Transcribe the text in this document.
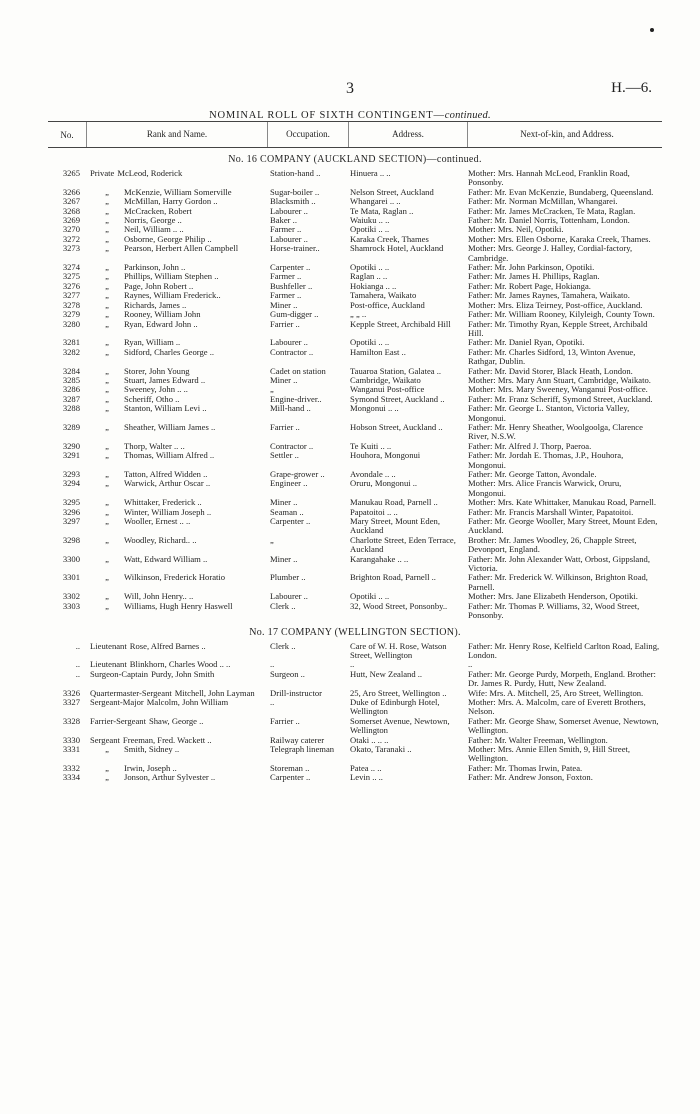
3	H.—6.
NOMINAL ROLL OF SIXTH CONTINGENT—continued.
No.	Rank and Name.	Occupation.	Address.	Next-of-kin, and Address.
No. 16 COMPANY (AUCKLAND SECTION)—continued.
3265	Private McLeod, Roderick	Station-hand ..	Hinuera .. ..	Mother: Mrs. Hannah McLeod, Franklin Road, Ponsonby.
3266	„	McKenzie, William Somerville	Sugar-boiler ..	Nelson Street, Auckland	Father: Mr. Evan McKenzie, Bundaberg, Queensland.
3267	„	McMillan, Harry Gordon ..	Blacksmith ..	Whangarei .. ..	Father: Mr. Norman McMillan, Whangarei.
3268	„	McCracken, Robert	Labourer ..	Te Mata, Raglan ..	Father: Mr. James McCracken, Te Mata, Raglan.
3269	„	Norris, George ..	Baker ..	Waiuku .. ..	Father: Mr. Daniel Norris, Tottenham, London.
3270	„	Neil, William .. ..	Farmer ..	Opotiki .. ..	Mother: Mrs. Neil, Opotiki.
3272	„	Osborne, George Philip ..	Labourer ..	Karaka Creek, Thames	Mother: Mrs. Ellen Osborne, Karaka Creek, Thames.
3273	„	Pearson, Herbert Allen Campbell	Horse-trainer..	Shamrock Hotel, Auckland	Mother: Mrs. George J. Halley, Cordial-factory, Cambridge.
3274	„	Parkinson, John ..	Carpenter ..	Opotiki .. ..	Father: Mr. John Parkinson, Opotiki.
3275	„	Phillips, William Stephen ..	Farmer ..	Raglan .. ..	Father: Mr. James H. Phillips, Raglan.
3276	„	Page, John Robert ..	Bushfeller ..	Hokianga .. ..	Father: Mr. Robert Page, Hokianga.
3277	„	Raynes, William Frederick..	Farmer ..	Tamahera, Waikato	Father: Mr. James Raynes, Tamahera, Waikato.
3278	„	Richards, James ..	Miner ..	Post-office, Auckland	Mother: Mrs. Eliza Teirney, Post-office, Auckland.
3279	„	Rooney, William John	Gum-digger ..	„ „ ..	Father: Mr. William Rooney, Kilyleigh, County Town.
3280	„	Ryan, Edward John ..	Farrier ..	Kepple Street, Archibald Hill	Father: Mr. Timothy Ryan, Kepple Street, Archibald Hill.
3281	„	Ryan, William ..	Labourer ..	Opotiki .. ..	Father: Mr. Daniel Ryan, Opotiki.
3282	„	Sidford, Charles George ..	Contractor ..	Hamilton East ..	Father: Mr. Charles Sidford, 13, Winton Avenue, Rathgar, Dublin.
3284	„	Storer, John Young	Cadet on station	Tauaroa Station, Galatea ..	Father: Mr. David Storer, Black Heath, London.
3285	„	Stuart, James Edward ..	Miner ..	Cambridge, Waikato	Mother: Mrs. Mary Ann Stuart, Cambridge, Waikato.
3286	„	Sweeney, John .. ..	„	Wanganui Post-office	Mother: Mrs. Mary Sweeney, Wanganui Post-office.
3287	„	Scheriff, Otho ..	Engine-driver..	Symond Street, Auckland ..	Father: Mr. Franz Scheriff, Symond Street, Auckland.
3288	„	Stanton, William Levi ..	Mill-hand ..	Mongonui .. ..	Father: Mr. George L. Stanton, Victoria Valley, Mongonui.
3289	„	Sheather, William James ..	Farrier ..	Hobson Street, Auckland ..	Father: Mr. Henry Sheather, Woolgoolga, Clarence River, N.S.W.
3290	„	Thorp, Walter .. ..	Contractor ..	Te Kuiti .. ..	Father: Mr. Alfred J. Thorp, Paeroa.
3291	„	Thomas, William Alfred ..	Settler ..	Houhora, Mongonui	Father: Mr. Jordah E. Thomas, J.P., Houhora, Mongonui.
3293	„	Tatton, Alfred Widden ..	Grape-grower ..	Avondale .. ..	Father: Mr. George Tatton, Avondale.
3294	„	Warwick, Arthur Oscar ..	Engineer ..	Oruru, Mongonui ..	Mother: Mrs. Alice Francis Warwick, Oruru, Mongonui.
3295	„	Whittaker, Frederick ..	Miner ..	Manukau Road, Parnell ..	Mother: Mrs. Kate Whittaker, Manukau Road, Parnell.
3296	„	Winter, William Joseph ..	Seaman ..	Papatoitoi .. ..	Father: Mr. Francis Marshall Winter, Papatoitoi.
3297	„	Wooller, Ernest .. ..	Carpenter ..	Mary Street, Mount Eden, Auckland
Father: Mr. George Wooller, Mary Street, Mount Eden, Auckland.
3298	„	Woodley, Richard.. ..	„	Charlotte Street, Eden Terrace, Auckland
Brother: Mr. James Woodley, 26, Chapple Street, Devonport, England.
3300	„	Watt, Edward William ..	Miner ..	Karangahake .. ..	Father: Mr. John Alexander Watt, Orbost, Gippsland, Victoria.
3301	„	Wilkinson, Frederick Horatio	Plumber ..	Brighton Road, Parnell ..	Father: Mr. Frederick W. Wilkinson, Brighton Road, Parnell.
3302	„	Will, John Henry.. ..	Labourer ..	Opotiki .. ..	Mother: Mrs. Jane Elizabeth Henderson, Opotiki.
3303	„	Williams, Hugh Henry Haswell	Clerk ..	32, Wood Street, Ponsonby..	Father: Mr. Thomas P. Williams, 32, Wood Street, Ponsonby.
No. 17 COMPANY (WELLINGTON SECTION).
..	Lieutenant Rose, Alfred Barnes ..	Clerk ..	Care of W. H. Rose, Watson Street, Wellington
Father: Mr. Henry Rose, Kelfield Carlton Road, Ealing, London.
..	Lieutenant Blinkhorn, Charles Wood .. ..	..	..	..
..	Surgeon-Captain Purdy, John Smith	Surgeon ..	Hutt, New Zealand ..	Father: Mr. George Purdy, Morpeth, England. Brother: Dr. James R. Purdy, Hutt, New Zealand.
3326	Quartermaster-Sergeant Mitchell, John Layman	Drill-instructor	25, Aro Street, Wellington ..	Wife: Mrs. A. Mitchell, 25, Aro Street, Wellington.
3327	Sergeant-Major Malcolm, John William	..	Duke of Edinburgh Hotel, Wellington
Mother: Mrs. A. Malcolm, care of Everett Brothers, Nelson.
3328	Farrier-Sergeant Shaw, George ..	Farrier ..	Somerset Avenue, Newtown, Wellington
Father: Mr. George Shaw, Somerset Avenue, Newtown, Wellington.
3330	Sergeant Freeman, Fred. Wackett ..	Railway caterer	Otaki .. .. ..	Father: Mr. Walter Freeman, Wellington.
3331	„	Smith, Sidney ..	Telegraph lineman	Okato, Taranaki ..	Mother: Mrs. Annie Ellen Smith, 9, Hill Street, Wellington.
3332	„	Irwin, Joseph ..	Storeman ..	Patea .. ..	Father: Mr. Thomas Irwin, Patea.
3334	„	Jonson, Arthur Sylvester ..	Carpenter ..	Levin .. ..	Father: Mr. Andrew Jonson, Foxton.
